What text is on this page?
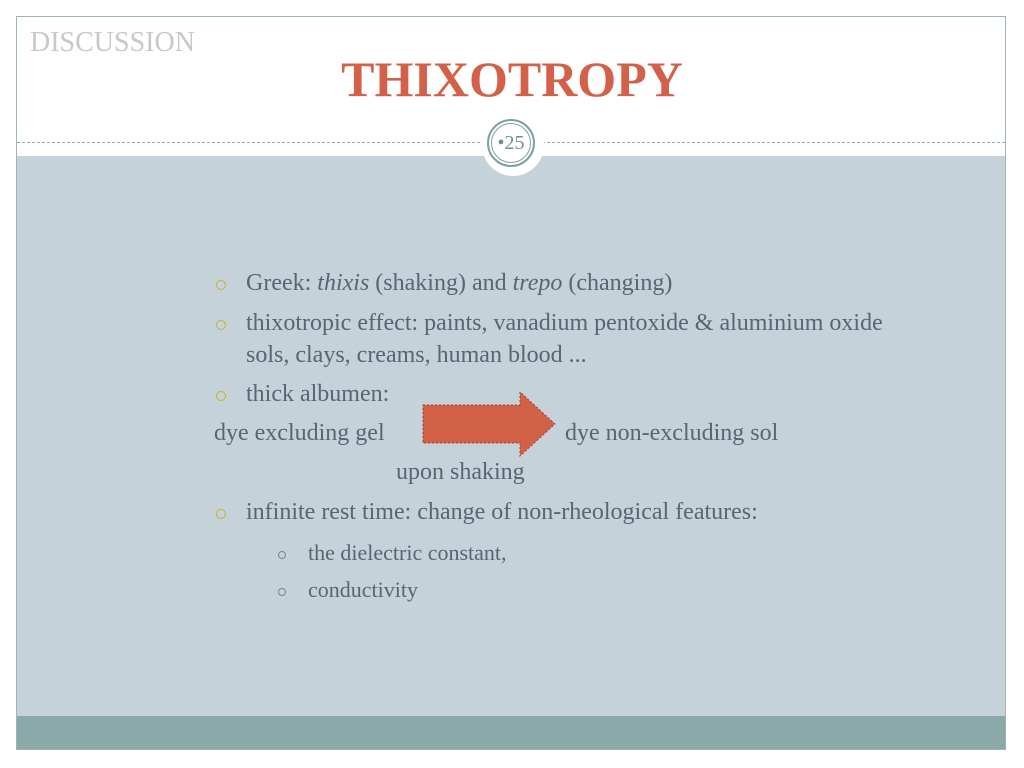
DISCUSSION
THIXOTROPY
•25
Greek: thixis (shaking) and trepo (changing)
thixotropic effect: paints, vanadium pentoxide & aluminium oxide
sols, clays, creams, human blood ...
thick albumen:
dye excluding gel	dye non-excluding sol
upon shaking
infinite rest time: change of non-rheological features:
the dielectric constant,
conductivity
